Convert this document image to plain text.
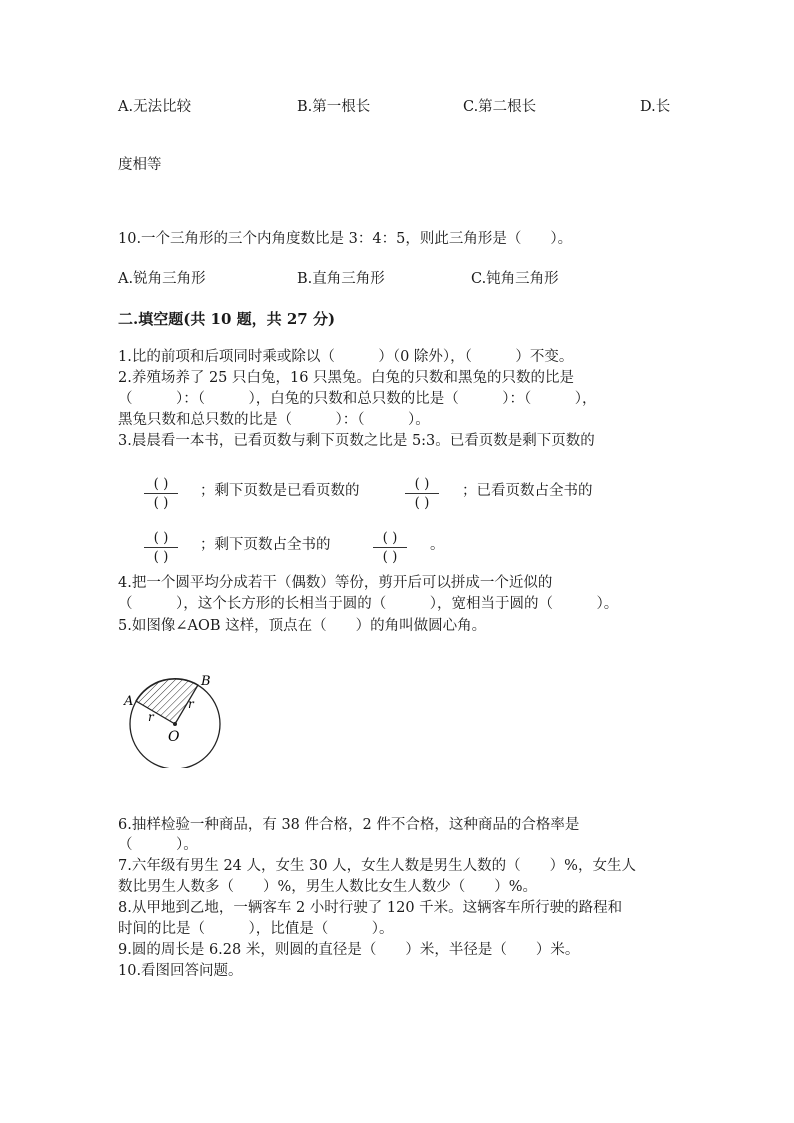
A.无法比较	B.第一根长	C.第二根长	D.长
度相等
10.一个三角形的三个内角度数比是 3：4：5，则此三角形是（　　）。
A.锐角三角形	B.直角三角形	C.钝角三角形
二.填空题(共 10 题，共 27 分)
1.比的前项和后项同时乘或除以（　　　）（0 除外），（　　　）不变。
2.养殖场养了 25 只白兔，16 只黑兔。白兔的只数和黑兔的只数的比是
（　　　）：（　　　），白兔的只数和总只数的比是（　　　）：（　　　），
黑兔只数和总只数的比是（　　　）：（　　　）。
3.晨晨看一本书，已看页数与剩下页数之比是 5:3。已看页数是剩下页数的
( )
( )
；剩下页数是已看页数的	( )
( )
；已看页数占全书的
( )
( )
；剩下页数占全书的	( )
( )
。
4.把一个圆平均分成若干（偶数）等份，剪开后可以拼成一个近似的
（　　　），这个长方形的长相当于圆的（　　　），宽相当于圆的（　　　）。
5.如图像∠AOB 这样，顶点在（　　）的角叫做圆心角。
A
B
O
r
r
6.抽样检验一种商品，有 38 件合格，2 件不合格，这种商品的合格率是
（　　　）。
7.六年级有男生 24 人，女生 30 人，女生人数是男生人数的（　　）%，女生人
数比男生人数多（　　）%，男生人数比女生人数少（　　）%。
8.从甲地到乙地，一辆客车 2 小时行驶了 120 千米。这辆客车所行驶的路程和
时间的比是（　　　），比值是（　　　）。
9.圆的周长是 6.28 米，则圆的直径是（　　）米，半径是（　　）米。
10.看图回答问题。
